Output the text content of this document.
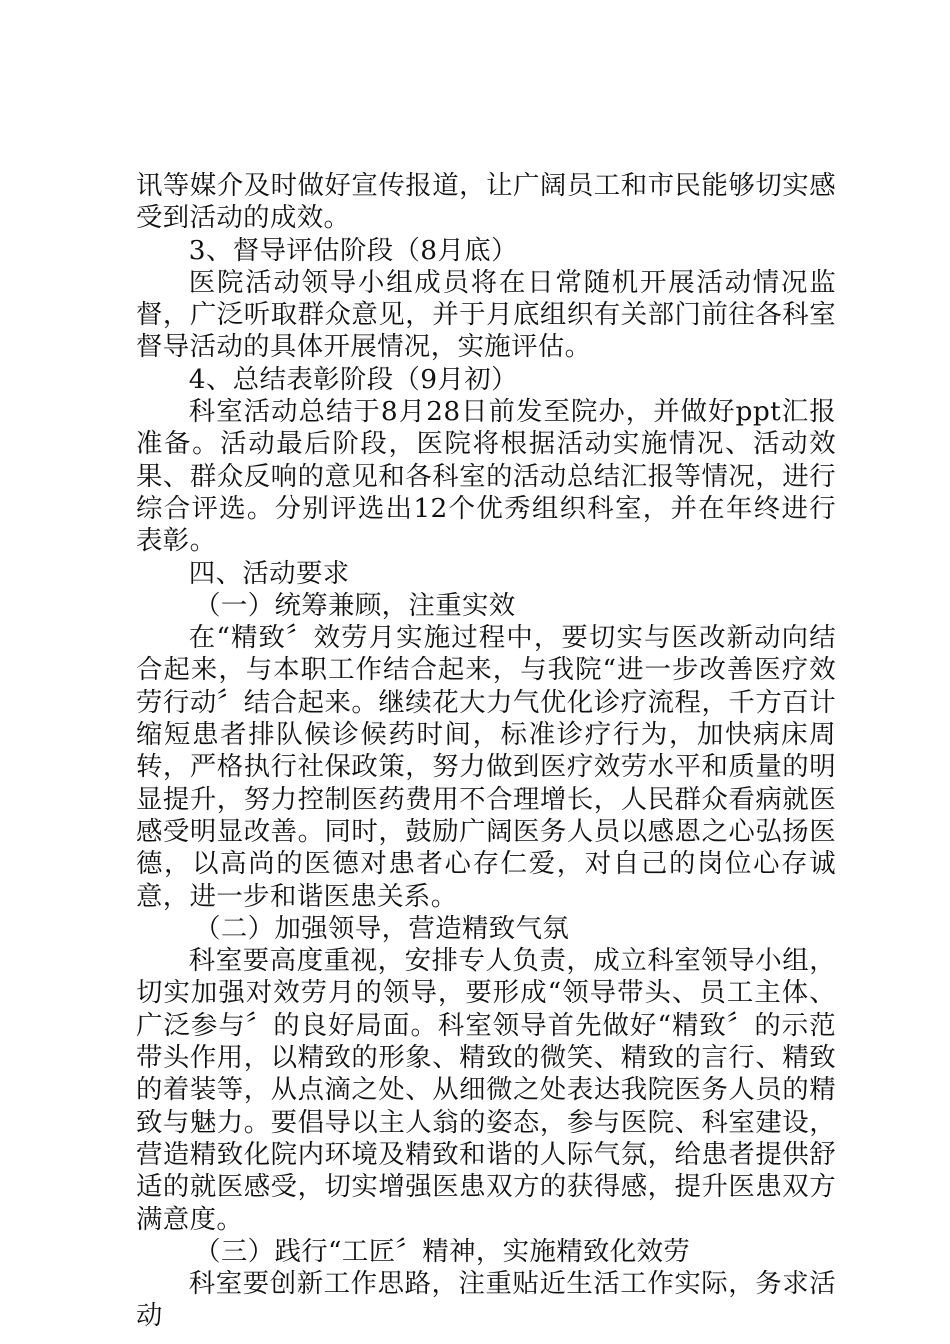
讯等媒介及时做好宣传报道，让广阔员工和市民能够切实感受到活动的成效。

3、督导评估阶段（8月底）

医院活动领导小组成员将在日常随机开展活动情况监督，广泛听取群众意见，并于月底组织有关部门前往各科室督导活动的具体开展情况，实施评估。

4、总结表彰阶段（9月初）

科室活动总结于8月28日前发至院办，并做好ppt汇报准备。活动最后阶段，医院将根据活动实施情况、活动效果、群众反响的意见和各科室的活动总结汇报等情况，进行综合评选。分别评选出12个优秀组织科室，并在年终进行表彰。

四、活动要求

（一）统筹兼顾，注重实效

在“精致〞效劳月实施过程中，要切实与医改新动向结合起来，与本职工作结合起来，与我院“进一步改善医疗效劳行动〞结合起来。继续花大力气优化诊疗流程，千方百计缩短患者排队候诊候药时间，标准诊疗行为，加快病床周转，严格执行社保政策，努力做到医疗效劳水平和质量的明显提升，努力控制医药费用不合理增长，人民群众看病就医感受明显改善。同时，鼓励广阔医务人员以感恩之心弘扬医德，以高尚的医德对患者心存仁爱，对自己的岗位心存诚意，进一步和谐医患关系。

（二）加强领导，营造精致气氛

科室要高度重视，安排专人负责，成立科室领导小组，切实加强对效劳月的领导，要形成“领导带头、员工主体、广泛参与〞的良好局面。科室领导首先做好“精致〞的示范带头作用，以精致的形象、精致的微笑、精致的言行、精致的着装等，从点滴之处、从细微之处表达我院医务人员的精致与魅力。要倡导以主人翁的姿态，参与医院、科室建设，营造精致化院内环境及精致和谐的人际气氛，给患者提供舒适的就医感受，切实增强医患双方的获得感，提升医患双方满意度。

（三）践行“工匠〞精神，实施精致化效劳

科室要创新工作思路，注重贴近生活工作实际，务求活动
